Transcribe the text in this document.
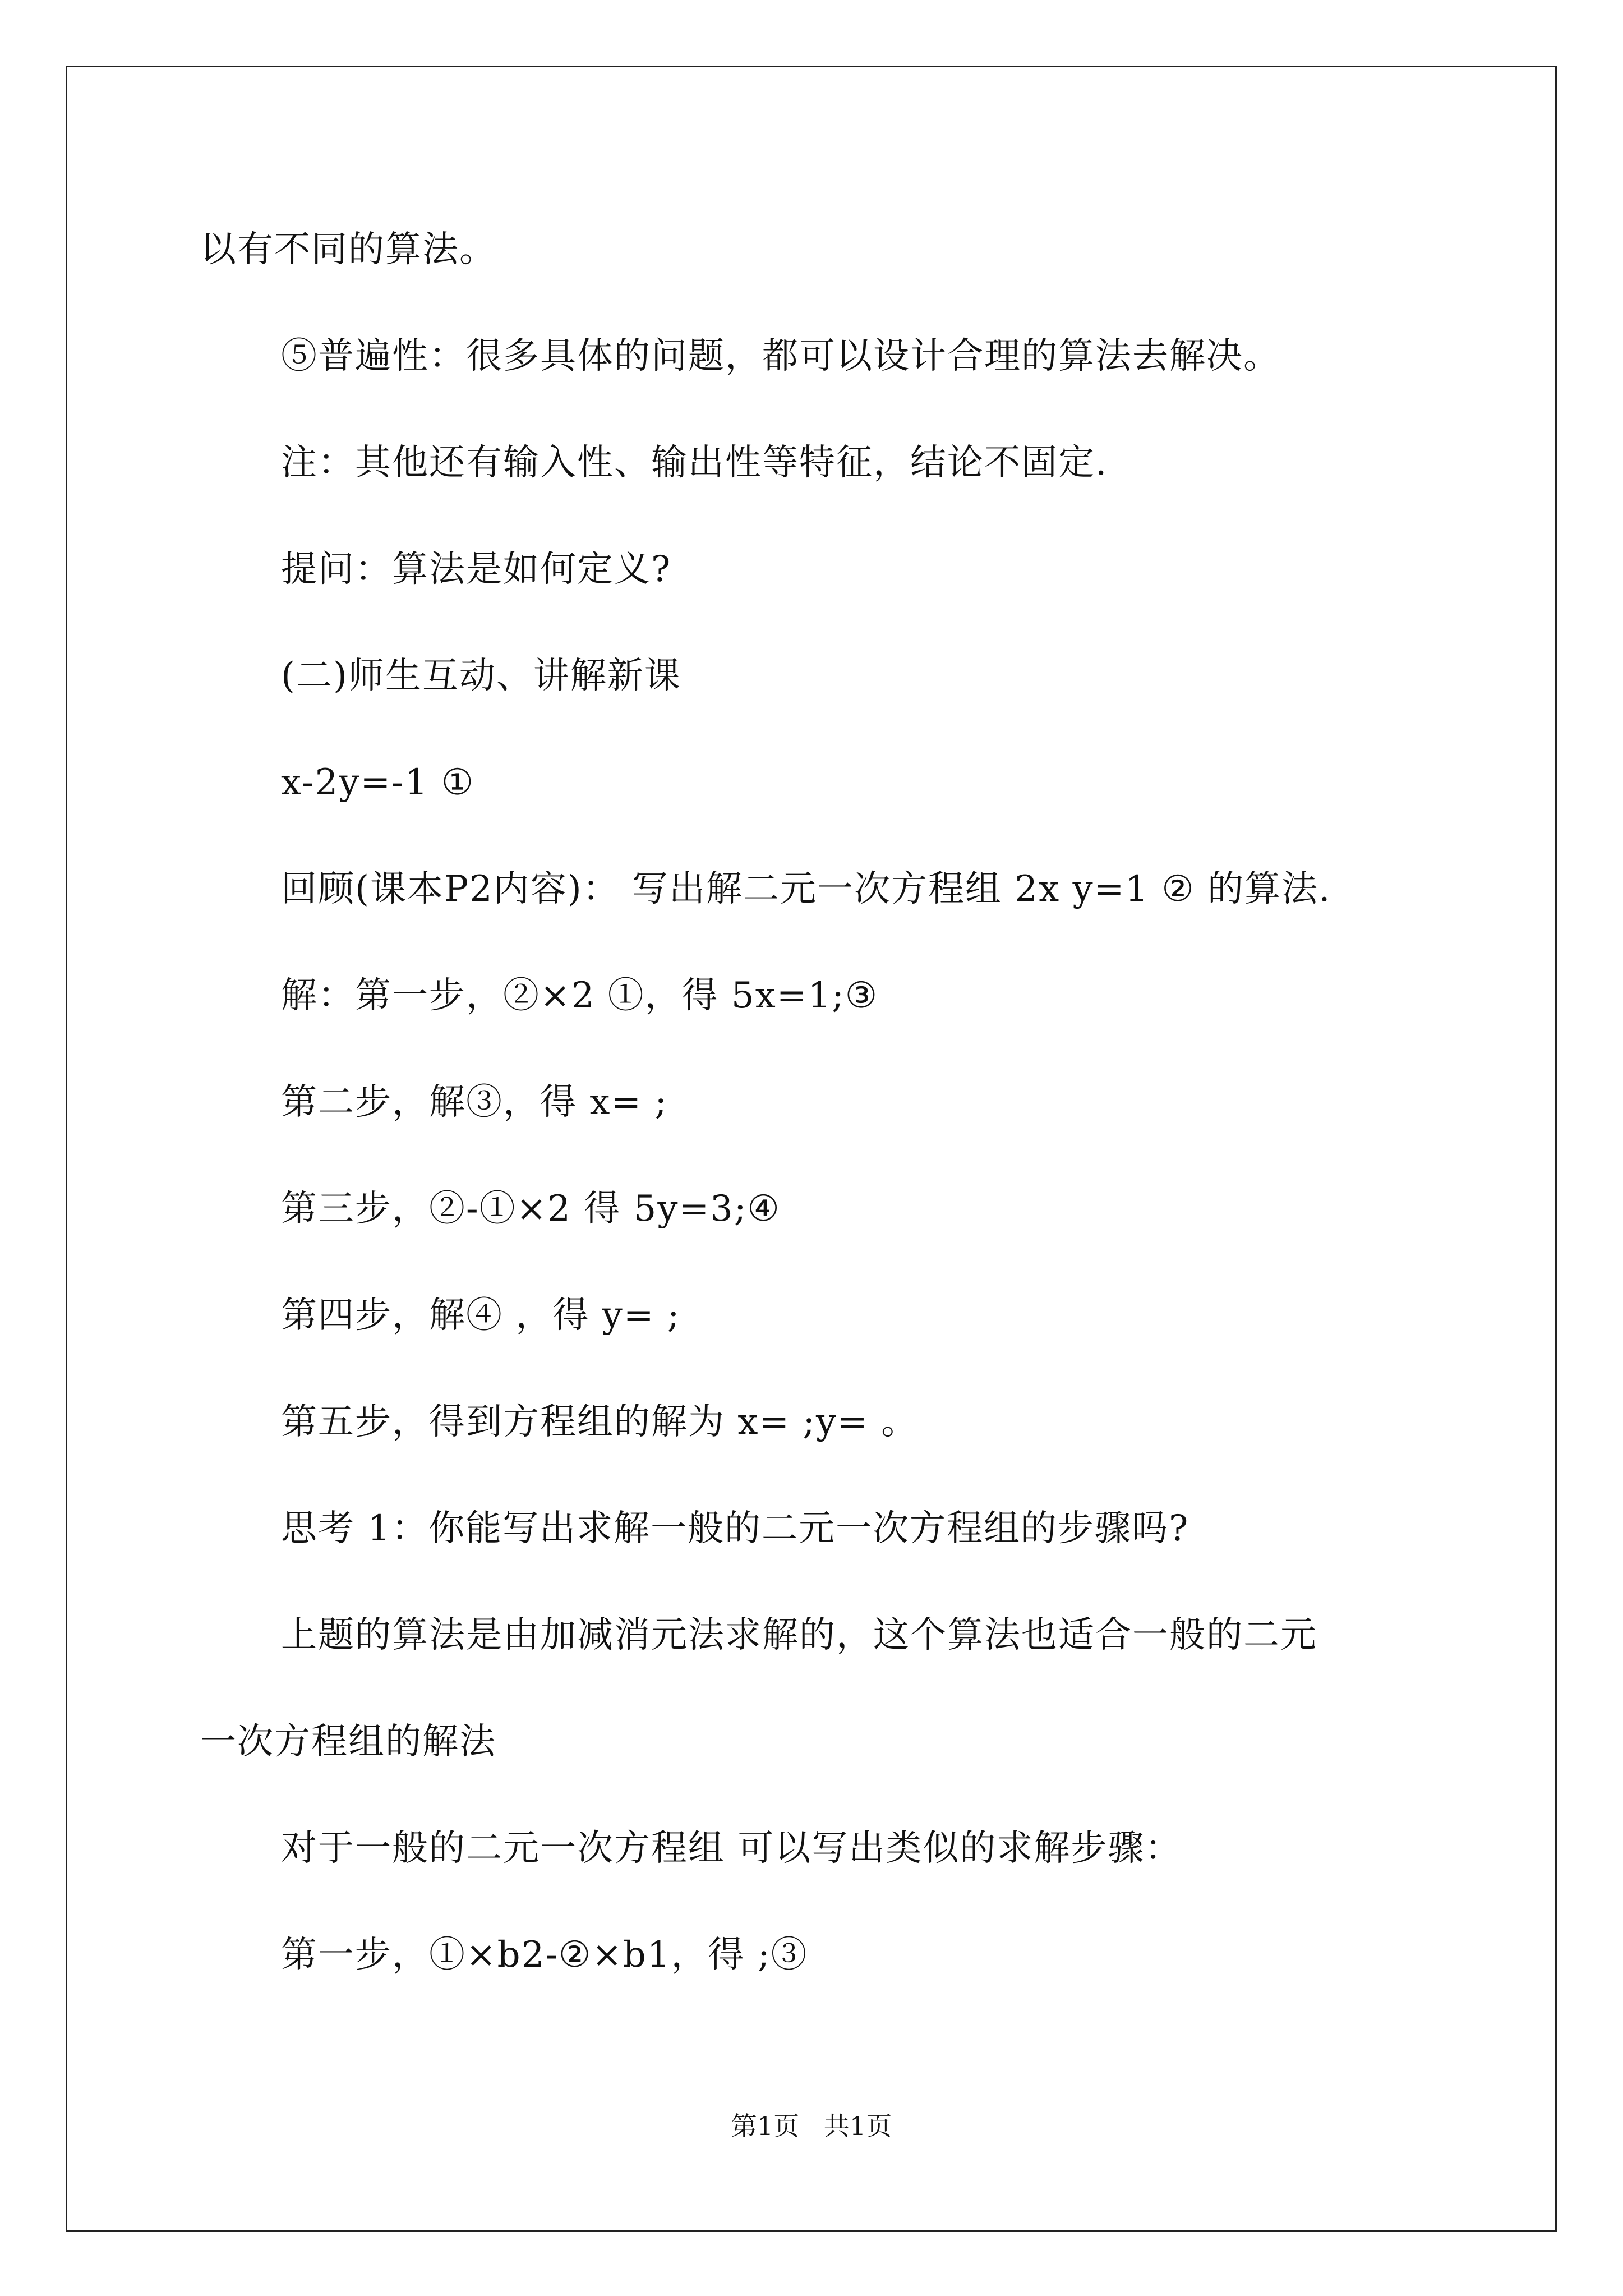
以有不同的算法。
⑤普遍性：很多具体的问题，都可以设计合理的算法去解决。
注：其他还有输入性、输出性等特征，结论不固定.
提问：算法是如何定义?
(二)师生互动、讲解新课
x-2y=-1 ①
回顾(课本P2内容)： 写出解二元一次方程组 2x y=1 ② 的算法.
解：第一步，②×2 ①，得 5x=1;③
第二步，解③，得 x= ;
第三步，②-①×2 得 5y=3;④
第四步，解④ ，得 y= ;
第五步，得到方程组的解为 x= ;y= 。
思考 1：你能写出求解一般的二元一次方程组的步骤吗?
上题的算法是由加减消元法求解的，这个算法也适合一般的二元
一次方程组的解法
对于一般的二元一次方程组 可以写出类似的求解步骤：
第一步，①×b2-②×b1，得 ;③
第1页   共1页
